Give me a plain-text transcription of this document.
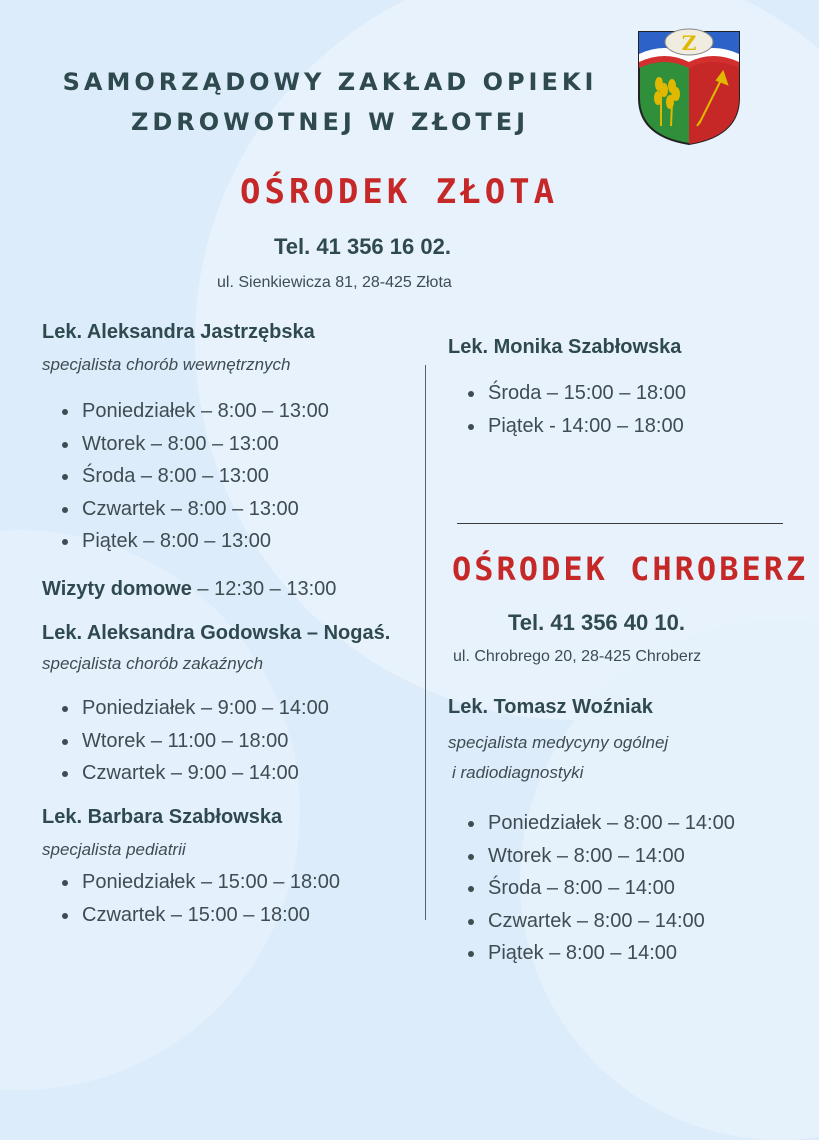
SAMORZĄDOWY ZAKŁAD OPIEKI
ZDROWOTNEJ W ZŁOTEJ
Z
OŚRODEK ZŁOTA
Tel. 41 356 16 02.
ul. Sienkiewicza 81, 28-425 Złota
Lek. Aleksandra Jastrzębska
specjalista chorób wewnętrznych
Poniedziałek – 8:00 – 13:00
Wtorek – 8:00 – 13:00
Środa – 8:00 – 13:00
Czwartek – 8:00 – 13:00
Piątek – 8:00 – 13:00
Wizyty domowe – 12:30 – 13:00
Lek. Aleksandra Godowska – Nogaś.
specjalista chorób zakaźnych
Poniedziałek – 9:00 – 14:00
Wtorek – 11:00 – 18:00
Czwartek – 9:00 – 14:00
Lek. Barbara Szabłowska
specjalista pediatrii
Poniedziałek – 15:00 – 18:00
Czwartek – 15:00 – 18:00
Lek. Monika Szabłowska
Środa – 15:00 – 18:00
Piątek - 14:00 – 18:00
OŚRODEK CHROBERZ
Tel. 41 356 40 10.
ul. Chrobrego 20, 28-425 Chroberz
Lek. Tomasz Woźniak
specjalista medycyny ogólnej
i radiodiagnostyki
Poniedziałek – 8:00 – 14:00
Wtorek – 8:00 – 14:00
Środa – 8:00 – 14:00
Czwartek – 8:00 – 14:00
Piątek – 8:00 – 14:00
